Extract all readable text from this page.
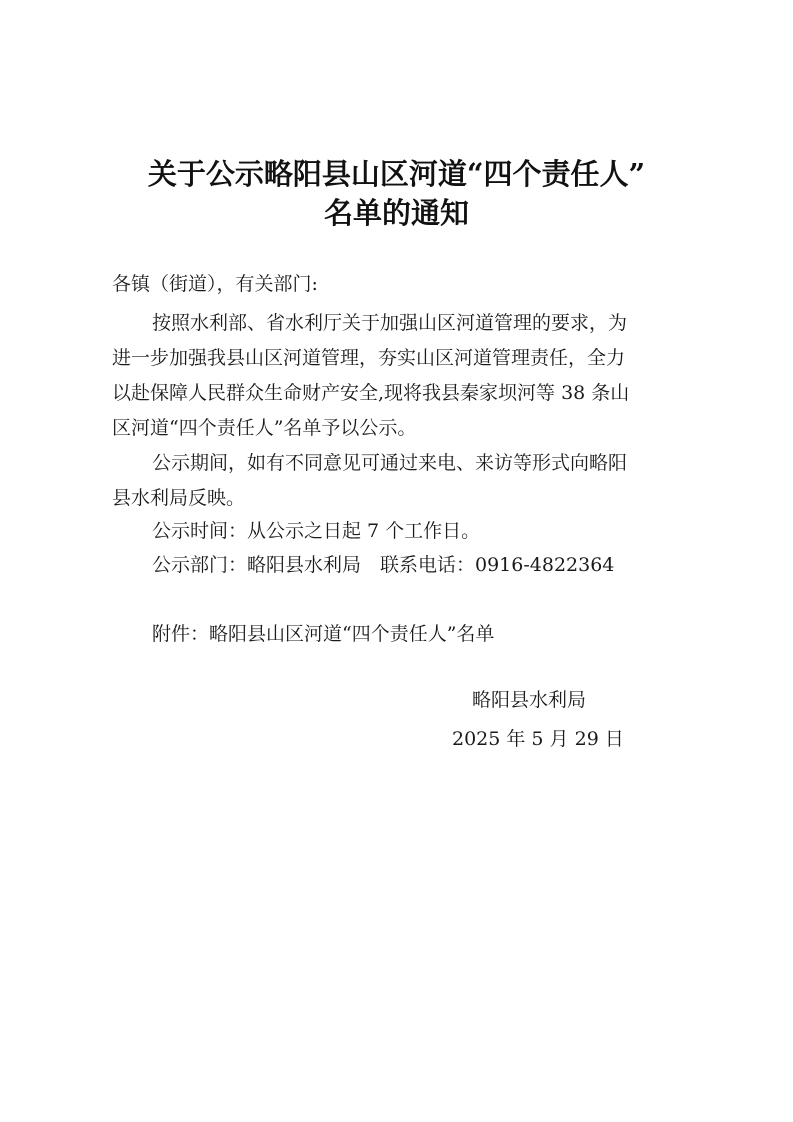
关于公示略阳县山区河道“四个责任人”
名单的通知
各镇（街道），有关部门:
按照水利部、省水利厅关于加强山区河道管理的要求，为
进一步加强我县山区河道管理，夯实山区河道管理责任，全力
以赴保障人民群众生命财产安全,现将我县秦家坝河等 38 条山
区河道“四个责任人”名单予以公示。
公示期间，如有不同意见可通过来电、来访等形式向略阳
县水利局反映。
公示时间：从公示之日起 7 个工作日。
公示部门：略阳县水利局　联系电话：0916-4822364
附件：略阳县山区河道“四个责任人”名单
略阳县水利局
2025 年 5 月 29 日
